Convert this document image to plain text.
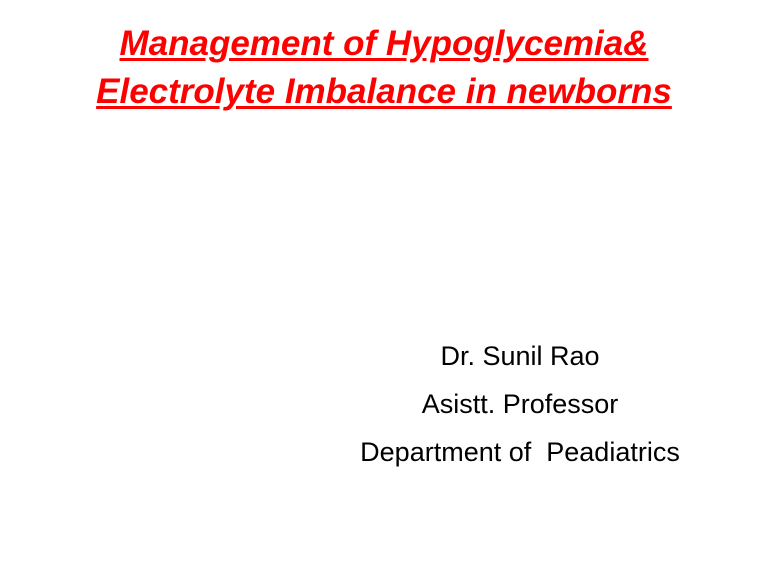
Management of Hypoglycemia&
Electrolyte Imbalance in newborns
Dr. Sunil Rao
Asistt. Professor
Department of  Peadiatrics
